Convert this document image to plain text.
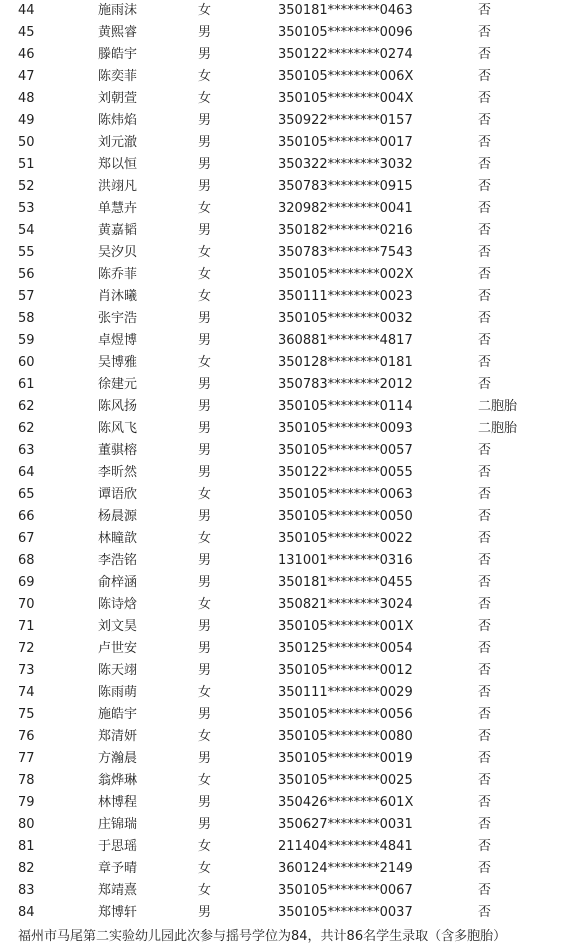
44	施雨沫	女	350181********0463	否
45	黄熙睿	男	350105********0096	否
46	滕皓宇	男	350122********0274	否
47	陈奕菲	女	350105********006X	否
48	刘朝萱	女	350105********004X	否
49	陈炜焰	男	350922********0157	否
50	刘元澈	男	350105********0017	否
51	郑以恒	男	350322********3032	否
52	洪翊凡	男	350783********0915	否
53	单慧卉	女	320982********0041	否
54	黄嘉韬	男	350182********0216	否
55	吴汐贝	女	350783********7543	否
56	陈乔菲	女	350105********002X	否
57	肖沐曦	女	350111********0023	否
58	张宇浩	男	350105********0032	否
59	卓煜博	男	360881********4817	否
60	吴博雅	女	350128********0181	否
61	徐建元	男	350783********2012	否
62	陈风扬	男	350105********0114	二胞胎
62	陈风飞	男	350105********0093	二胞胎
63	董骐榕	男	350105********0057	否
64	李昕然	男	350122********0055	否
65	谭语欣	女	350105********0063	否
66	杨晨源	男	350105********0050	否
67	林瞳歆	女	350105********0022	否
68	李浩铭	男	131001********0316	否
69	俞梓涵	男	350181********0455	否
70	陈诗焓	女	350821********3024	否
71	刘文昊	男	350105********001X	否
72	卢世安	男	350125********0054	否
73	陈天翊	男	350105********0012	否
74	陈雨萌	女	350111********0029	否
75	施皓宇	男	350105********0056	否
76	郑清妍	女	350105********0080	否
77	方瀚晨	男	350105********0019	否
78	翁烨琳	女	350105********0025	否
79	林博程	男	350426********601X	否
80	庄锦瑞	男	350627********0031	否
81	于思瑶	女	211404********4841	否
82	章予晴	女	360124********2149	否
83	郑靖熹	女	350105********0067	否
84	郑博轩	男	350105********0037	否
福州市马尾第二实验幼儿园此次参与摇号学位为84，共计86名学生录取（含多胞胎）
